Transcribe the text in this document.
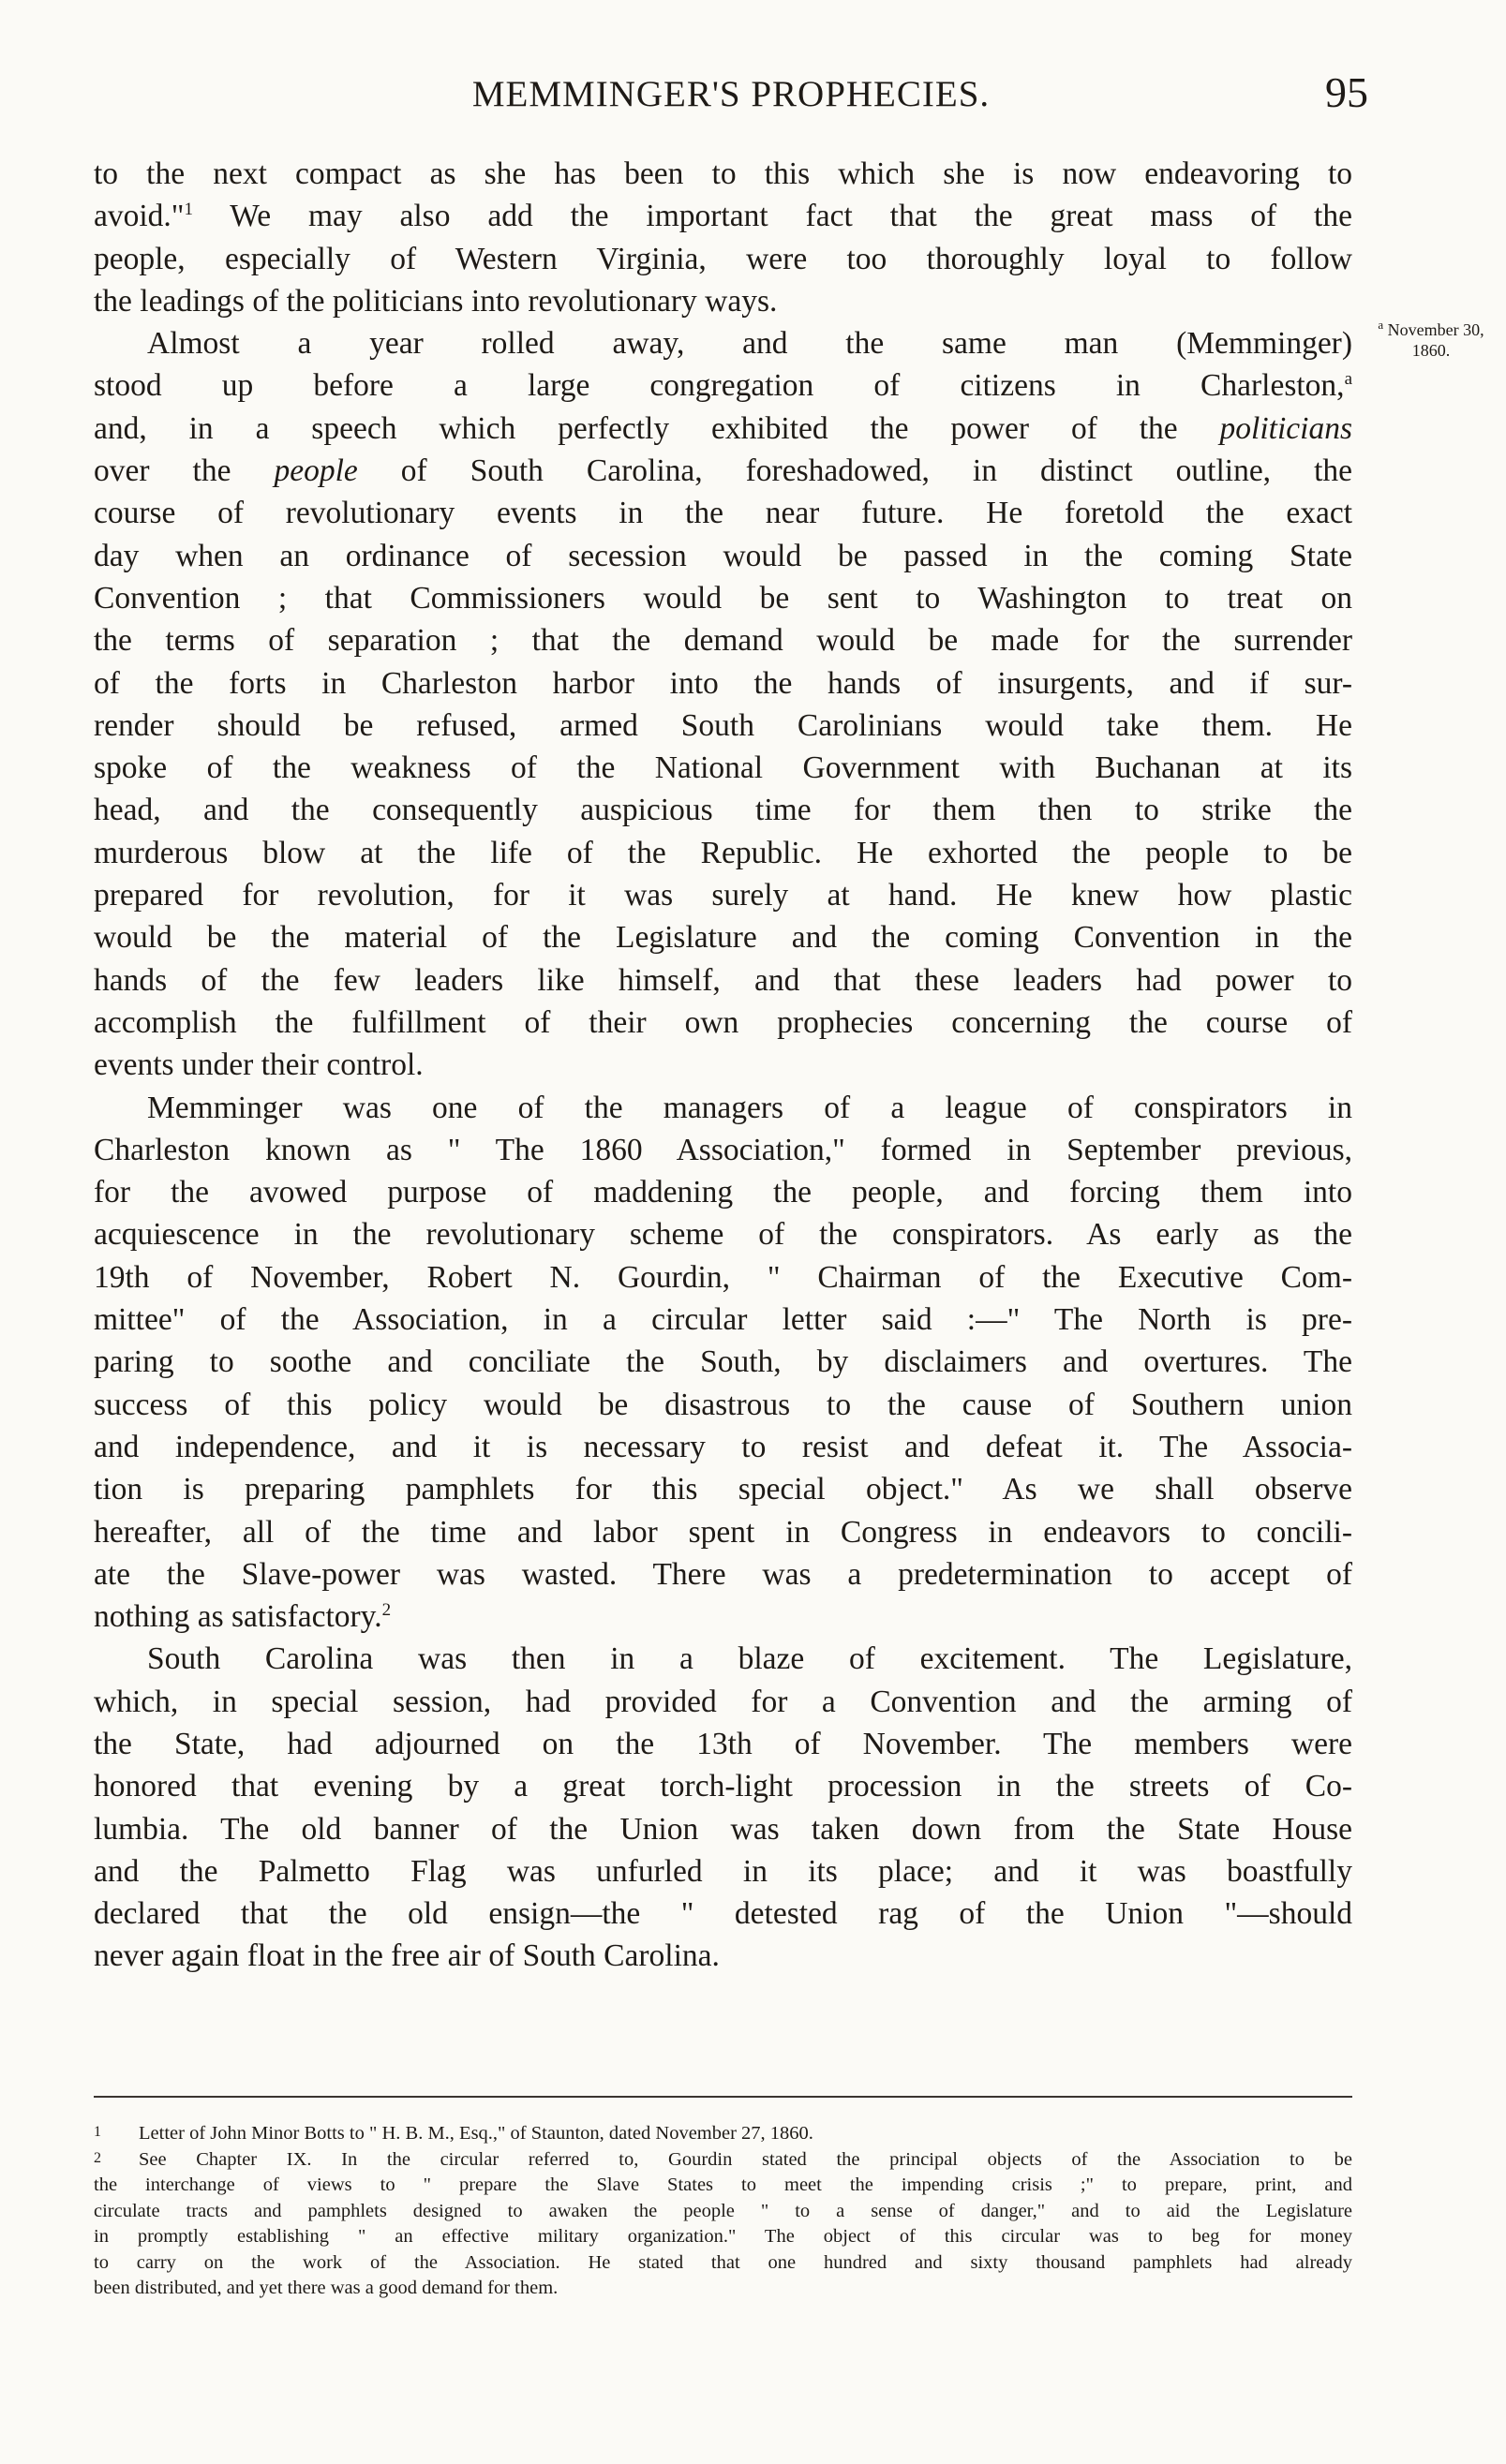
MEMMINGER'S PROPHECIES.	95

to the next compact as she has been to this which she is now endeavoring to
avoid."$^1$ We may also add the important fact that the great mass of the
people, especially of Western Virginia, were too thoroughly loyal to follow
the leadings of the politicians into revolutionary ways.

Almost a year rolled away, and the same man (Memminger)
stood up before a large congregation of citizens in Charleston,$^a$
and, in a speech which perfectly exhibited the power of the politicians
over the people of South Carolina, foreshadowed, in distinct outline, the
course of revolutionary events in the near future. He foretold the exact
day when an ordinance of secession would be passed in the coming State
Convention ; that Commissioners would be sent to Washington to treat on
the terms of separation ; that the demand would be made for the surrender
of the forts in Charleston harbor into the hands of insurgents, and if sur-
render should be refused, armed South Carolinians would take them. He
spoke of the weakness of the National Government with Buchanan at its
head, and the consequently auspicious time for them then to strike the
murderous blow at the life of the Republic. He exhorted the people to be
prepared for revolution, for it was surely at hand. He knew how plastic
would be the material of the Legislature and the coming Convention in the
hands of the few leaders like himself, and that these leaders had power to
accomplish the fulfillment of their own prophecies concerning the course of
events under their control.

Memminger was one of the managers of a league of conspirators in
Charleston known as " The 1860 Association," formed in September previous,
for the avowed purpose of maddening the people, and forcing them into
acquiescence in the revolutionary scheme of the conspirators. As early as the
19th of November, Robert N. Gourdin, " Chairman of the Executive Com-
mittee" of the Association, in a circular letter said :—" The North is pre-
paring to soothe and conciliate the South, by disclaimers and overtures. The
success of this policy would be disastrous to the cause of Southern union
and independence, and it is necessary to resist and defeat it. The Associa-
tion is preparing pamphlets for this special object." As we shall observe
hereafter, all of the time and labor spent in Congress in endeavors to concili-
ate the Slave-power was wasted. There was a predetermination to accept of
nothing as satisfactory.$^2$

South Carolina was then in a blaze of excitement. The Legislature,
which, in special session, had provided for a Convention and the arming of
the State, had adjourned on the 13th of November. The members were
honored that evening by a great torch-light procession in the streets of Co-
lumbia. The old banner of the Union was taken down from the State House
and the Palmetto Flag was unfurled in its place; and it was boastfully
declared that the old ensign—the " detested rag of the Union "—should
never again float in the free air of South Carolina.

$^a$ November 30,
1860.
1 Letter of John Minor Botts to " H. B. M., Esq.," of Staunton, dated November 27, 1860.
2 See Chapter IX. In the circular referred to, Gourdin stated the principal objects of the Association to be
the interchange of views to " prepare the Slave States to meet the impending crisis ;" to prepare, print, and
circulate tracts and pamphlets designed to awaken the people " to a sense of danger," and to aid the Legislature
in promptly establishing " an effective military organization." The object of this circular was to beg for money
to carry on the work of the Association. He stated that one hundred and sixty thousand pamphlets had already
been distributed, and yet there was a good demand for them.
